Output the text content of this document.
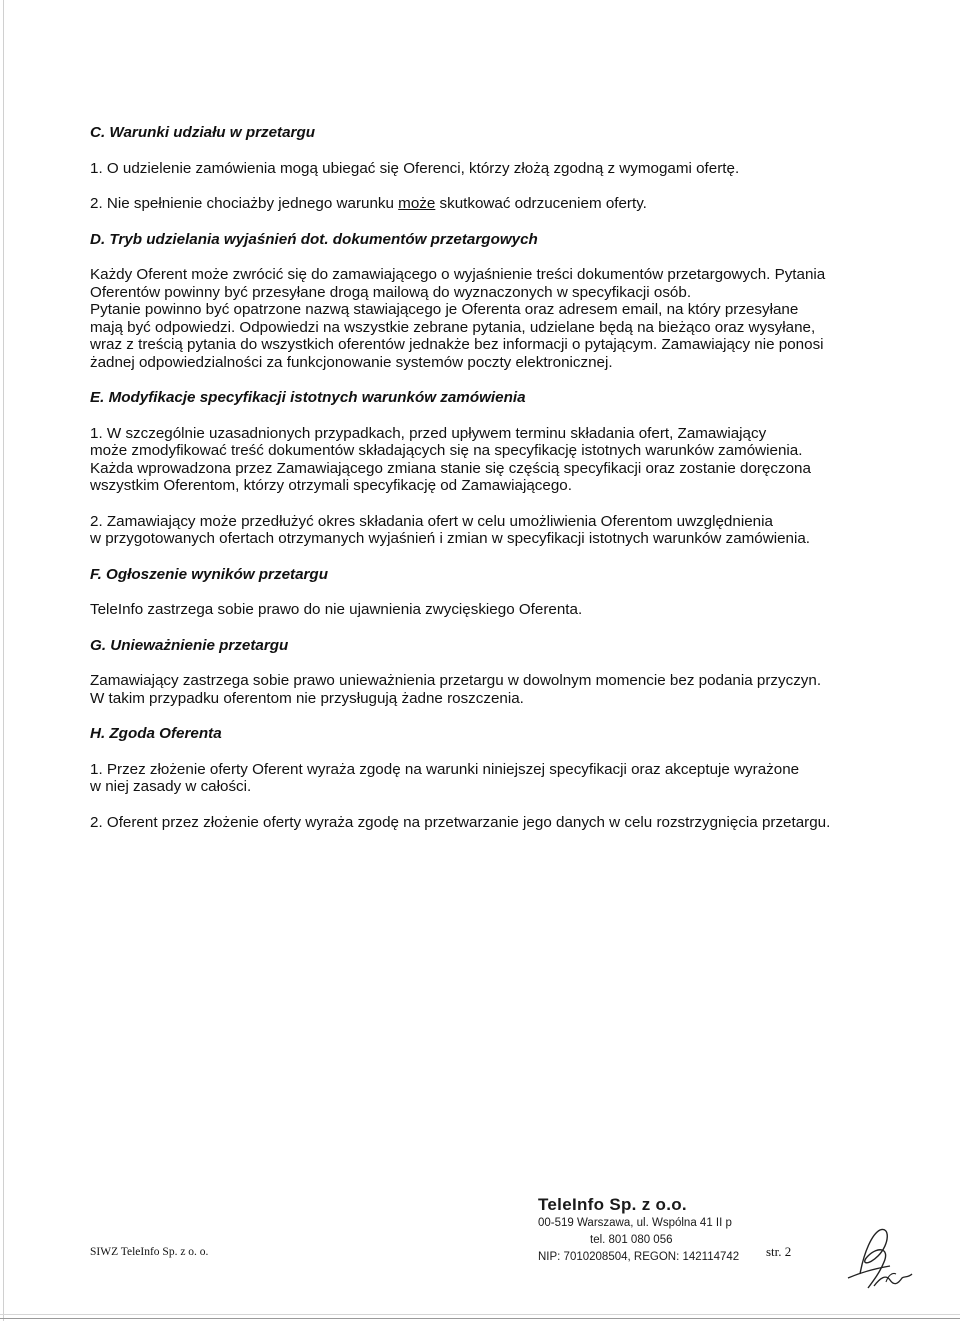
C. Warunki udziału w przetargu

1. O udzielenie zamówienia mogą ubiegać się Oferenci, którzy złożą zgodną z wymogami ofertę.

2. Nie spełnienie chociażby jednego warunku może skutkować odrzuceniem oferty.

D. Tryb udzielania wyjaśnień dot. dokumentów przetargowych

Każdy Oferent może zwrócić się do zamawiającego o wyjaśnienie treści dokumentów przetargowych. Pytania
Oferentów powinny być przesyłane drogą mailową do wyznaczonych w specyfikacji osób.
Pytanie powinno być opatrzone nazwą stawiającego je Oferenta oraz adresem email, na który przesyłane
mają być odpowiedzi. Odpowiedzi na wszystkie zebrane pytania, udzielane będą na bieżąco oraz wysyłane,
wraz z treścią pytania do wszystkich oferentów jednakże bez informacji o pytającym. Zamawiający nie ponosi
żadnej odpowiedzialności za funkcjonowanie systemów poczty elektronicznej.

E. Modyfikacje specyfikacji istotnych warunków zamówienia

1. W szczególnie uzasadnionych przypadkach, przed upływem terminu składania ofert, Zamawiający
może zmodyfikować treść dokumentów składających się na specyfikację istotnych warunków zamówienia.
Każda wprowadzona przez Zamawiającego zmiana stanie się częścią specyfikacji oraz zostanie doręczona
wszystkim Oferentom, którzy otrzymali specyfikację od Zamawiającego.

2. Zamawiający może przedłużyć okres składania ofert w celu umożliwienia Oferentom uwzględnienia
w przygotowanych ofertach otrzymanych wyjaśnień i zmian w specyfikacji istotnych warunków zamówienia.

F. Ogłoszenie wyników przetargu

TeleInfo zastrzega sobie prawo do nie ujawnienia zwycięskiego Oferenta.

G. Unieważnienie przetargu

Zamawiający zastrzega sobie prawo unieważnienia przetargu w dowolnym momencie bez podania przyczyn.
W takim przypadku oferentom nie przysługują żadne roszczenia.

H. Zgoda Oferenta

1. Przez złożenie oferty Oferent wyraża zgodę na warunki niniejszej specyfikacji oraz akceptuje wyrażone
w niej zasady w całości.

2. Oferent przez złożenie oferty wyraża zgodę na przetwarzanie jego danych w celu rozstrzygnięcia przetargu.

TeleInfo Sp. z o.o.
00-519 Warszawa, ul. Wspólna 41 II p
tel. 801 080 056
NIP: 7010208504, REGON: 142114742
SIWZ TeleInfo Sp. z o. o.	str. 2
